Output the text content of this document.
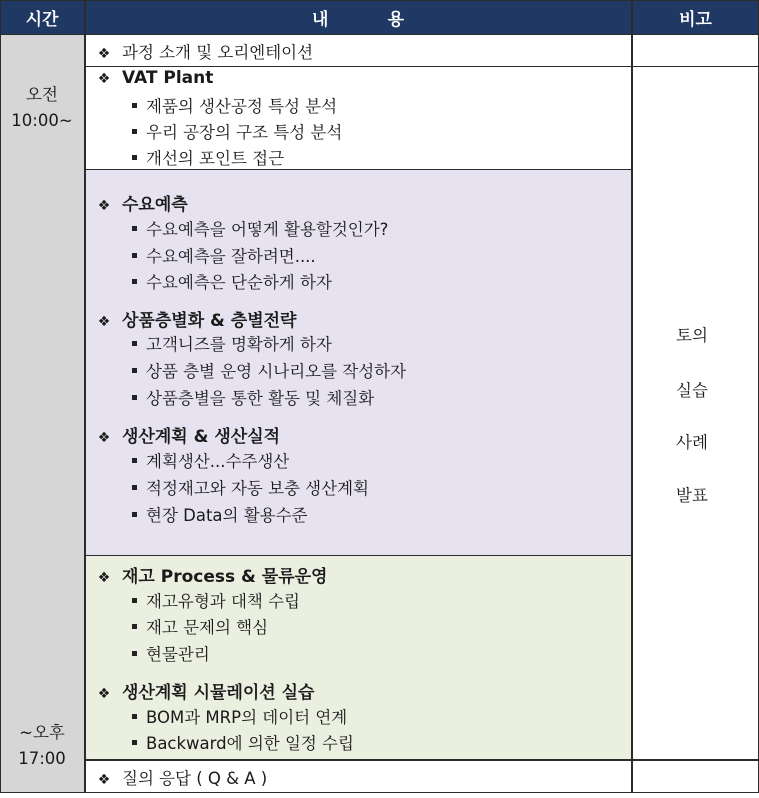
시간	내          용	비고
오전
10:00~
~오후
17:00
❖ 과정 소개 및 오리엔테이션
❖ VAT Plant
제품의 생산공정 특성 분석
우리 공장의 구조 특성 분석
개선의 포인트 접근
❖ 수요예측
수요예측을 어떻게 활용할것인가?
수요예측을 잘하려면....
수요예측은 단순하게 하자
❖ 상품층별화 & 층별전략
고객니즈를 명확하게 하자
상품 층별 운영 시나리오를 작성하자
상품층별을 통한 활동 및 체질화
❖ 생산계획 & 생산실적
계획생산...수주생산
적정재고와 자동 보충 생산계획
현장 Data의 활용수준
❖ 재고 Process & 물류운영
재고유형과 대책 수립
재고 문제의 핵심
현물관리
❖ 생산계획 시뮬레이션 실습
BOM과 MRP의 데이터 연계
Backward에 의한 일정 수립
❖ 질의 응답 ( Q & A )
토의
실습
사례
발표
